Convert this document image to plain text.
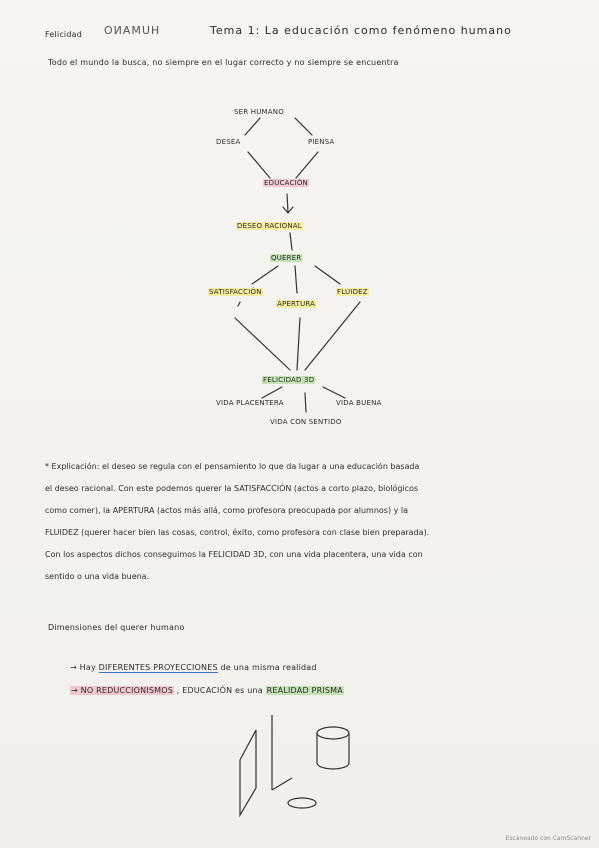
Felicidad HUMANO	Tema 1: La educación como fenómeno humano
Todo el mundo la busca, no siempre en el lugar correcto y no siempre se encuentra
SER HUMANO
DESEA	PIENSA
EDUCACIÓN
DESEO RACIONAL
QUERER
SATISFACCIÓN
APERTURA
FLUIDEZ
FELICIDAD 3D
VIDA PLACENTERA	VIDA BUENA
VIDA CON SENTIDO
* Explicación: el deseo se regula con el pensamiento lo que da lugar a una educación basada
el deseo racional. Con este podemos querer la SATISFACCIÓN (actos a corto plazo, biológicos
como comer), la APERTURA (actos más allá, como profesora preocupada por alumnos) y la
FLUIDEZ (querer hacer bien las cosas, control, éxito, como profesora con clase bien preparada).
Con los aspectos dichos conseguimos la FELICIDAD 3D, con una vida placentera, una vida con
sentido o una vida buena.
Dimensiones del querer humano
→ Hay DIFERENTES PROYECCIONES de una misma realidad
→ NO REDUCCIONISMOS , EDUCACIÓN es una REALIDAD PRISMA
Escaneado con CamScanner
